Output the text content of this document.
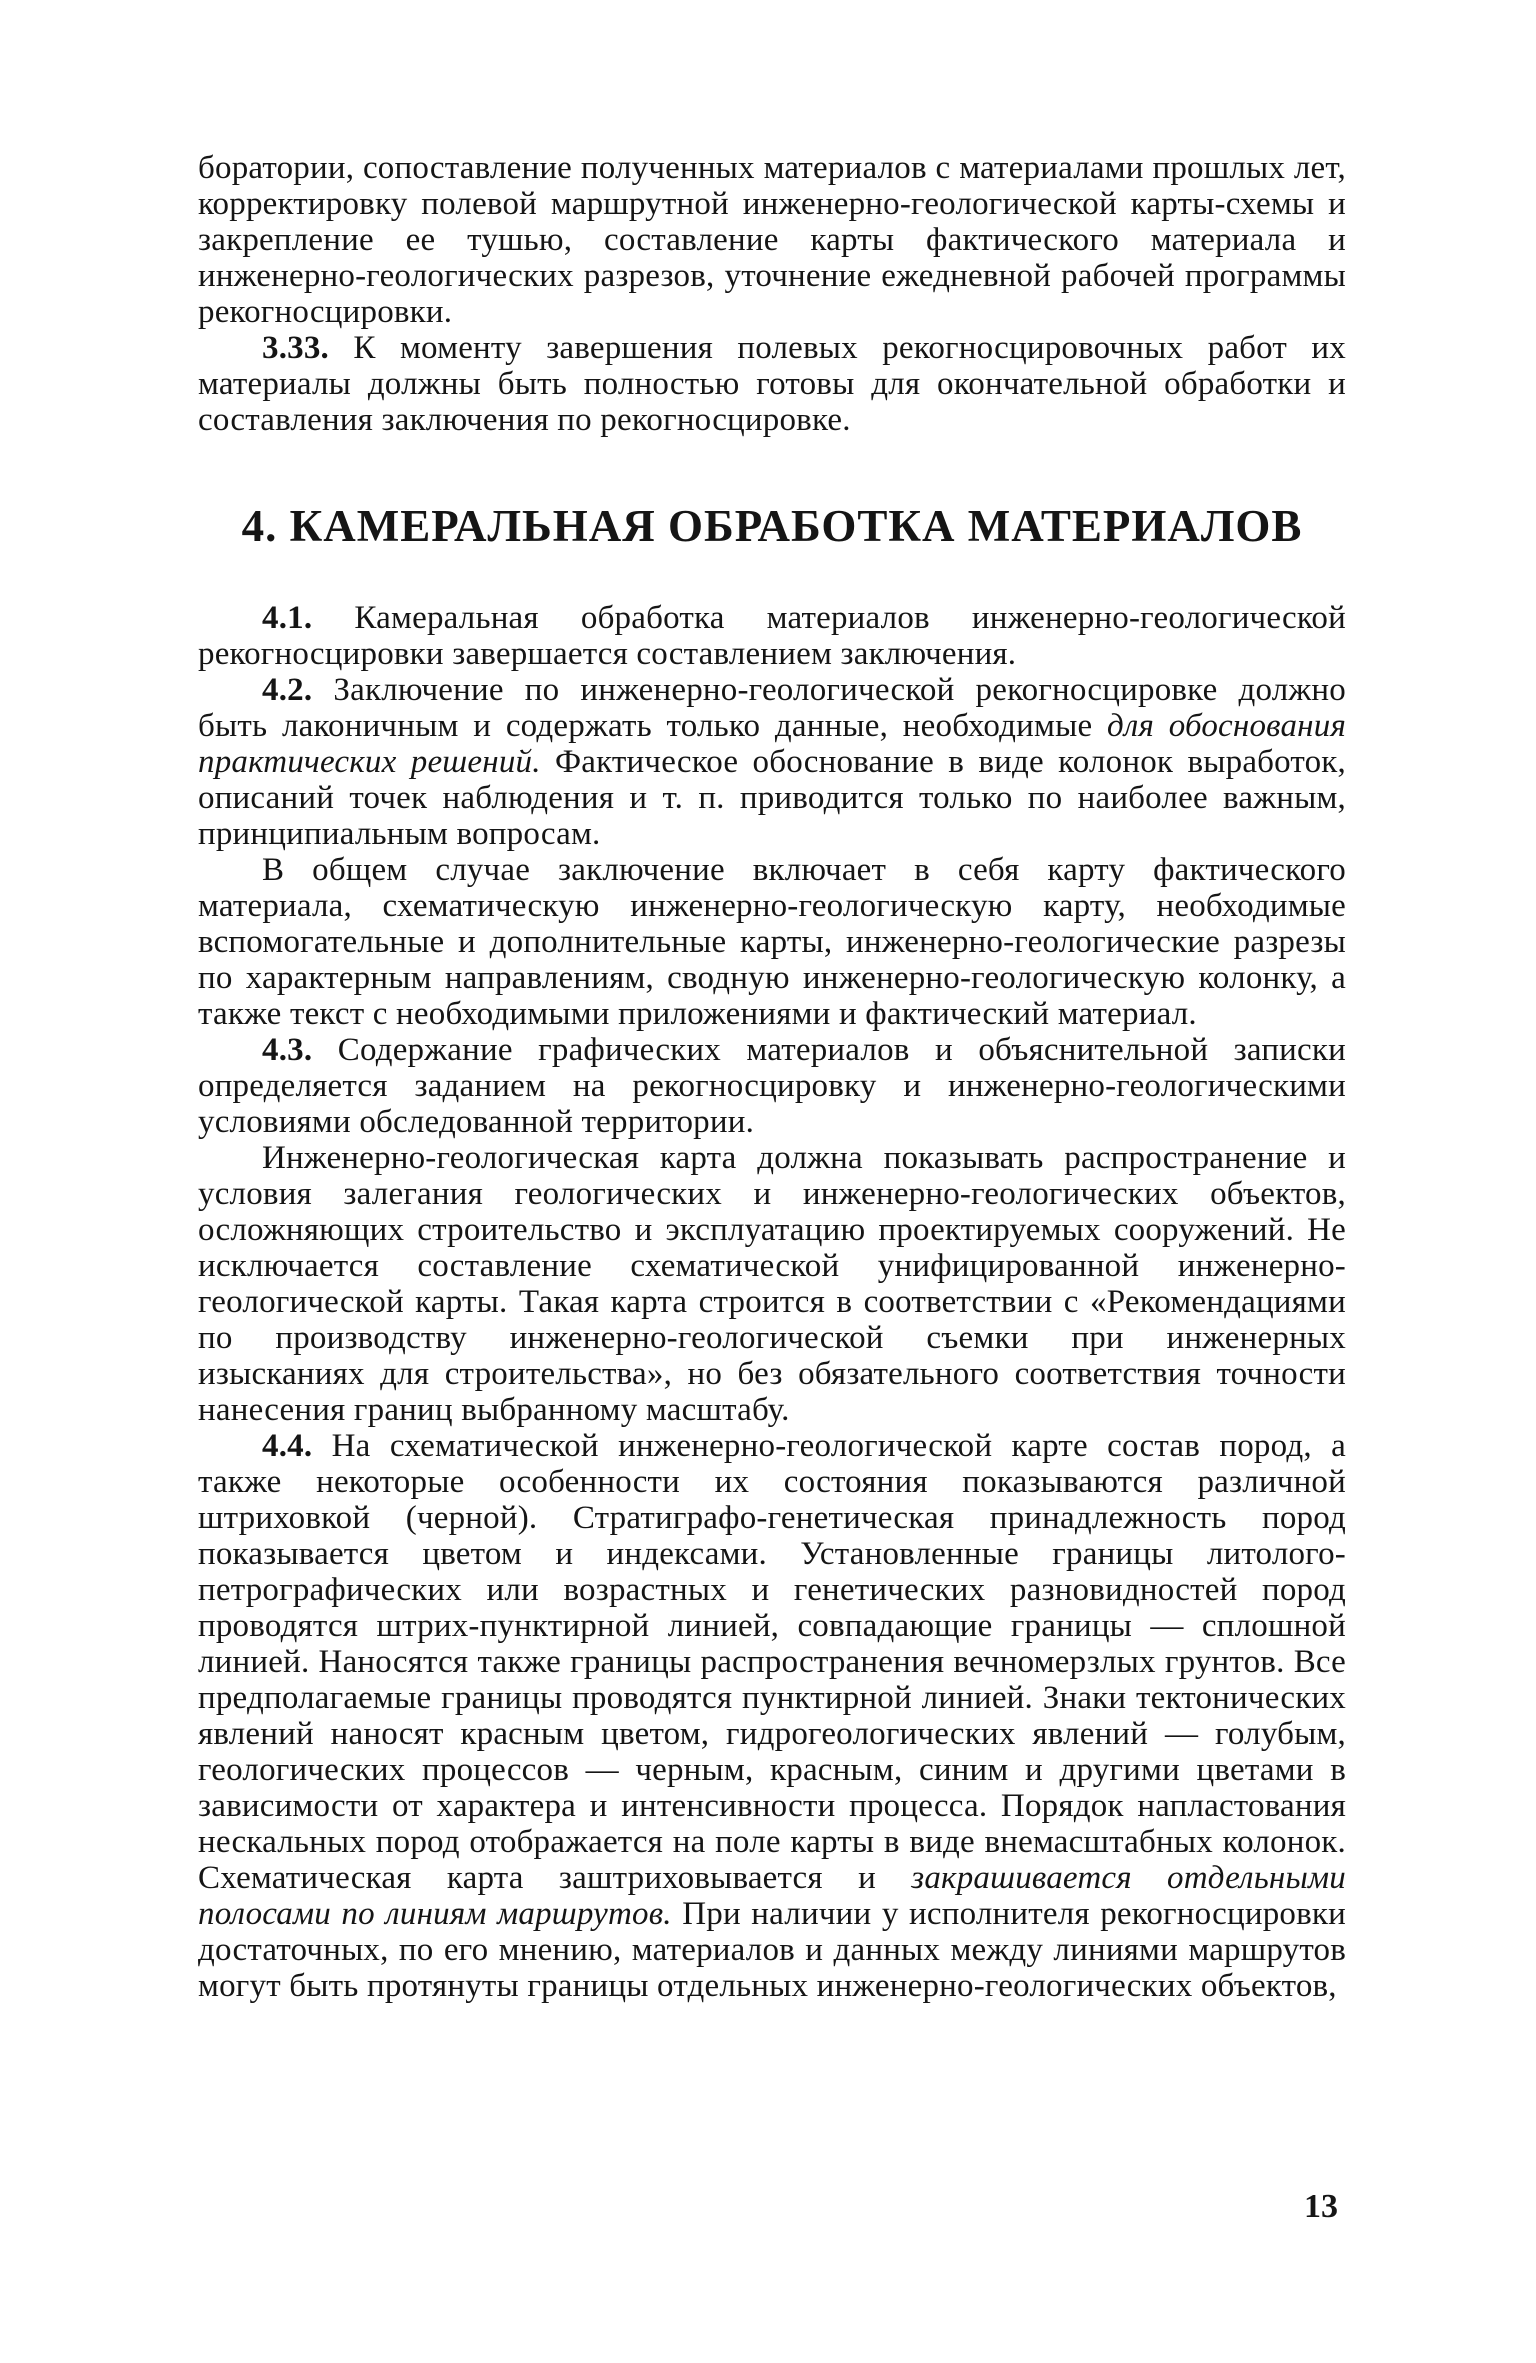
боратории, сопоставление полученных материалов с материалами прошлых лет, корректировку полевой маршрутной инженерно-геологической карты-схемы и закрепление ее тушью, составление карты фактического материала и инженерно-геологических разрезов, уточнение ежедневной рабочей программы рекогносцировки.

3.33. К моменту завершения полевых рекогносцировочных работ их материалы должны быть полностью готовы для окончательной обработки и составления заключения по рекогносцировке.

4. КАМЕРАЛЬНАЯ ОБРАБОТКА МАТЕРИАЛОВ

4.1. Камеральная обработка материалов инженерно-геологической рекогносцировки завершается составлением заключения.

4.2. Заключение по инженерно-геологической рекогносцировке должно быть лаконичным и содержать только данные, необходимые для обоснования практических решений. Фактическое обоснование в виде колонок выработок, описаний точек наблюдения и т. п. приводится только по наиболее важным, принципиальным вопросам.

В общем случае заключение включает в себя карту фактического материала, схематическую инженерно-геологическую карту, необходимые вспомогательные и дополнительные карты, инженерно-геологические разрезы по характерным направлениям, сводную инженерно-геологическую колонку, а также текст с необходимыми приложениями и фактический материал.

4.3. Содержание графических материалов и объяснительной записки определяется заданием на рекогносцировку и инженерно-геологическими условиями обследованной территории.

Инженерно-геологическая карта должна показывать распространение и условия залегания геологических и инженерно-геологических объектов, осложняющих строительство и эксплуатацию проектируемых сооружений. Не исключается составление схематической унифицированной инженерно-геологической карты. Такая карта строится в соответствии с «Рекомендациями по производству инженерно-геологической съемки при инженерных изысканиях для строительства», но без обязательного соответствия точности нанесения границ выбранному масштабу.

4.4. На схематической инженерно-геологической карте состав пород, а также некоторые особенности их состояния показываются различной штриховкой (черной). Стратиграфо-генетическая принадлежность пород показывается цветом и индексами. Установленные границы литолого-петрографических или возрастных и генетических разновидностей пород проводятся штрих-пунктирной линией, совпадающие границы — сплошной линией. Наносятся также границы распространения вечномерзлых грунтов. Все предполагаемые границы проводятся пунктирной линией. Знаки тектонических явлений наносят красным цветом, гидрогеологических явлений — голубым, геологических процессов — черным, красным, синим и другими цветами в зависимости от характера и интенсивности процесса. Порядок напластования нескальных пород отображается на поле карты в виде внемасштабных колонок. Схематическая карта заштриховывается и закрашивается отдельными полосами по линиям маршрутов. При наличии у исполнителя рекогносцировки достаточных, по его мнению, материалов и данных между линиями маршрутов могут быть протянуты границы отдельных инженерно-геологических объектов,

13
